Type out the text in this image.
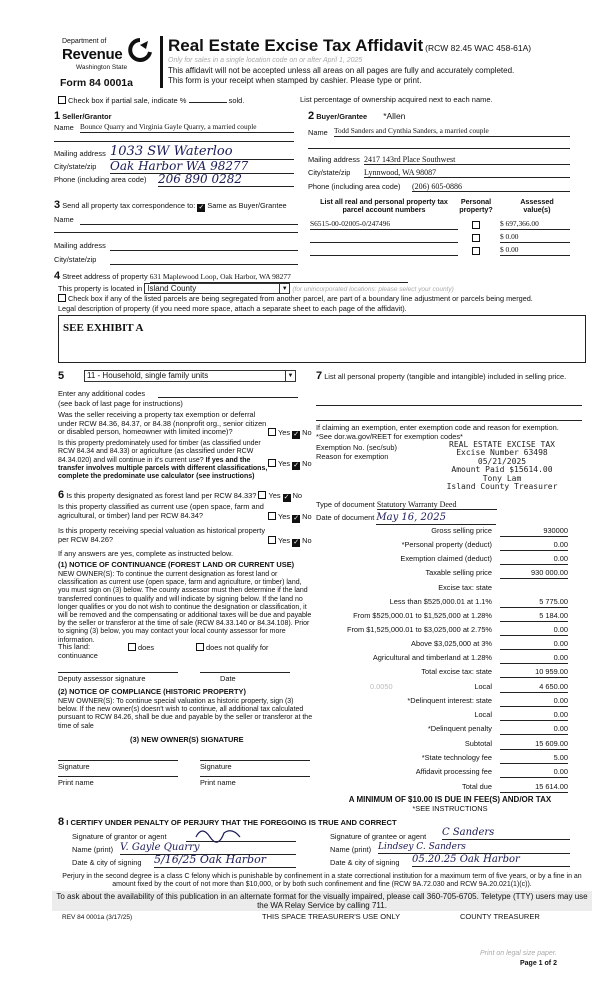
Department of
Revenue
Washington State
Form 84 0001a
Real Estate Excise Tax Affidavit (RCW 82.45 WAC 458-61A)
Only for sales in a single location code on or after April 1, 2025
This affidavit will not be accepted unless all areas on all pages are fully and accurately completed.
This form is your receipt when stamped by cashier. Please type or print.
Check box if partial sale, indicate %	sold.	List percentage of ownership acquired next to each name.
1 Seller/Grantor
Name Bounce Quarry and Virginia Gayle Quarry, a married couple
Mailing address 1033 SW Waterloo
City/state/zip Oak Harbor WA 98277
Phone (including area code) 206 890 0282
2 Buyer/Grantee *Allen
Name Todd Sanders and Cynthia Sanders, a married couple
Mailing address 2417 143rd Place Southwest
City/state/zip Lynnwood, WA 98087
Phone (including area code) (206) 605-0886
3 Send all property tax correspondence to: ✓ Same as Buyer/Grantee
Name
Mailing address
City/state/zip
List all real and personal property tax parcel account numbers
Personal property?
Assessed value(s)
S6515-00-02005-0/247496	$ 697,366.00
$ 0.00
$ 0.00
4 Street address of property 631 Maplewood Loop, Oak Harbor, WA 98277
This property is located in Island County	▼ (for unincorporated locations: please select your county)
Check box if any of the listed parcels are being segregated from another parcel, are part of a boundary line adjustment or parcels being merged.
Legal description of property (if you need more space, attach a separate sheet to each page of the affidavit).
SEE EXHIBIT A
5	11 - Household, single family units	▼
Enter any additional codes
(see back of last page for instructions)
Was the seller receiving a property tax exemption or deferral under RCW 84.36, 84.37, or 84.38 (nonprofit org., senior citizen or disabled person, homeowner with limited income)?	Yes ✓ No
Is this property predominately used for timber (as classified under RCW 84.34 and 84.33) or agriculture (as classified under RCW 84.34.020) and will continue in it's current use? If yes and the transfer involves multiple parcels with different classifications, complete the predominate use calculator (see instructions)
Yes ✓ No
6 Is this property designated as forest land per RCW 84.33? Yes ✓ No
Is this property classified as current use (open space, farm and agricultural, or timber) land per RCW 84.34?	Yes ✓ No
Is this property receiving special valuation as historical property per RCW 84.26?	Yes ✓ No
If any answers are yes, complete as instructed below.
(1) NOTICE OF CONTINUANCE (FOREST LAND OR CURRENT USE)
NEW OWNER(S): To continue the current designation as forest land or classification as current use (open space, farm and agriculture, or timber) land, you must sign on (3) below. The county assessor must then determine if the land transferred continues to qualify and will indicate by signing below. If the land no longer qualifies or you do not wish to continue the designation or classification, it will be removed and the compensating or additional taxes will be due and payable by the seller or transferor at the time of sale (RCW 84.33.140 or 84.34.108). Prior to signing (3) below, you may contact your local county assessor for more information.
This land:
continuance
does	does not qualify for
Deputy assessor signature	Date
(2) NOTICE OF COMPLIANCE (HISTORIC PROPERTY)
NEW OWNER(S): To continue special valuation as historic property, sign (3) below. If the new owner(s) doesn't wish to continue, all additional tax calculated pursuant to RCW 84.26, shall be due and payable by the seller or transferor at the time of sale
(3) NEW OWNER(S) SIGNATURE
Signature	Signature
Print name	Print name
7 List all personal property (tangible and intangible) included in selling price.
If claiming an exemption, enter exemption code and reason for exemption. *See dor.wa.gov/REET for exemption codes*
Exemption No. (sec/sub)
Reason for exemption
REAL ESTATE EXCISE TAX
Excise Number 63498
05/21/2025
Amount Paid $15614.00
Tony Lam
Island County Treasurer
Type of document Statutory Warranty Deed
Date of document May 16, 2025
Gross selling price	930000
*Personal property (deduct)	0.00
Exemption claimed (deduct)	0.00
Taxable selling price	930 000.00
Excise tax: state
Less than $525,000.01 at 1.1%	5 775.00
From $525,000.01 to $1,525,000 at 1.28%	5 184.00
From $1,525,000.01 to $3,025,000 at 2.75%	0.00
Above $3,025,000 at 3%	0.00
Agricultural and timberland at 1.28%	0.00
Total excise tax: state	10 959.00
0.0050	Local	4 650.00
*Delinquent interest: state	0.00
Local	0.00
*Delinquent penalty	0.00
Subtotal	15 609.00
*State technology fee	5.00
Affidavit processing fee	0.00
Total due	15 614.00
A MINIMUM OF $10.00 IS DUE IN FEE(S) AND/OR TAX
*SEE INSTRUCTIONS
8 I CERTIFY UNDER PENALTY OF PERJURY THAT THE FOREGOING IS TRUE AND CORRECT
Signature of grantor or agent
Name (print) V. Gayle Quarry
Date & city of signing 5/16/25 Oak Harbor
Signature of grantee or agent C Sanders
Name (print) Lindsey C. Sanders
Date & city of signing 05.20.25 Oak Harbor
Perjury in the second degree is a class C felony which is punishable by confinement in a state correctional institution for a maximum term of five years, or by a fine in an amount fixed by the court of not more than $10,000, or by both such confinement and fine (RCW 9A.72.030 and RCW 9A.20.021(1)(c)).
To ask about the availability of this publication in an alternate format for the visually impaired, please call 360-705-6705. Teletype (TTY) users may use the WA Relay Service by calling 711.
REV 84 0001a (3/17/25)	THIS SPACE TREASURER'S USE ONLY	COUNTY TREASURER
Print on legal size paper.
Page 1 of 2
